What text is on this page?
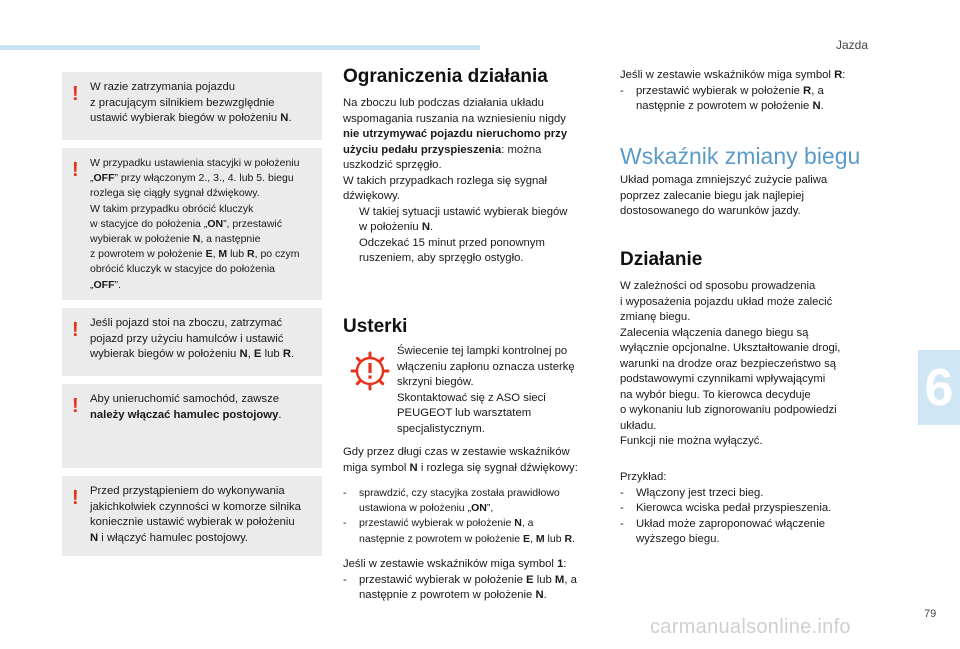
Jazda
6
79
carmanualsonline.info
! W razie zatrzymania pojazdu

z pracującym silnikiem bezwzględnie

ustawić wybierak biegów w położeniu N.

! W przypadku ustawienia stacyjki w położeniu

„OFF” przy włączonym 2., 3., 4. lub 5. biegu

rozlega się ciągły sygnał dźwiękowy.

W takim przypadku obrócić kluczyk

w stacyjce do położenia „ON”, przestawić

wybierak w położenie N, a następnie

z powrotem w położenie E, M lub R, po czym

obrócić kluczyk w stacyjce do położenia

„OFF”.

! Jeśli pojazd stoi na zboczu, zatrzymać

pojazd przy użyciu hamulców i ustawić

wybierak biegów w położeniu N, E lub R.

! Aby unieruchomić samochód, zawsze

należy włączać hamulec postojowy.

! Przed przystąpieniem do wykonywania

jakichkolwiek czynności w komorze silnika

koniecznie ustawić wybierak w położeniu

N i włączyć hamulec postojowy.

Ograniczenia działania

Na zboczu lub podczas działania układu

wspomagania ruszania na wzniesieniu nigdy

nie utrzymywać pojazdu nieruchomo przy

użyciu pedału przyspieszenia: można

uszkodzić sprzęgło.

W takich przypadkach rozlega się sygnał

dźwiękowy.

W takiej sytuacji ustawić wybierak biegów
w położeniu N.

Odczekać 15 minut przed ponownym
ruszeniem, aby sprzęgło ostygło.

Usterki

Świecenie tej lampki kontrolnej po

włączeniu zapłonu oznacza usterkę

skrzyni biegów.

Skontaktować się z ASO sieci

PEUGEOT lub warsztatem

specjalistycznym.

Gdy przez długi czas w zestawie wskaźników

miga symbol N i rozlega się sygnał dźwiękowy:

- sprawdzić, czy stacyjka została prawidłowo
ustawiona w położeniu „ON”,

- przestawić wybierak w położenie N, a
następnie z powrotem w położenie E, M lub R.

Jeśli w zestawie wskaźników miga symbol 1:

- przestawić wybierak w położenie E lub M, a
następnie z powrotem w położenie N.

Jeśli w zestawie wskaźników miga symbol R:

- przestawić wybierak w położenie R, a
następnie z powrotem w położenie N.

Wskaźnik zmiany biegu

Układ pomaga zmniejszyć zużycie paliwa

poprzez zalecanie biegu jak najlepiej

dostosowanego do warunków jazdy.

Działanie

W zależności od sposobu prowadzenia

i wyposażenia pojazdu układ może zalecić

zmianę biegu.

Zalecenia włączenia danego biegu są

wyłącznie opcjonalne. Ukształtowanie drogi,

warunki na drodze oraz bezpieczeństwo są

podstawowymi czynnikami wpływającymi

na wybór biegu. To kierowca decyduje

o wykonaniu lub zignorowaniu podpowiedzi

układu.

Funkcji nie można wyłączyć.

Przykład:

- Włączony jest trzeci bieg.

- Kierowca wciska pedał przyspieszenia.

- Układ może zaproponować włączenie
wyższego biegu.
